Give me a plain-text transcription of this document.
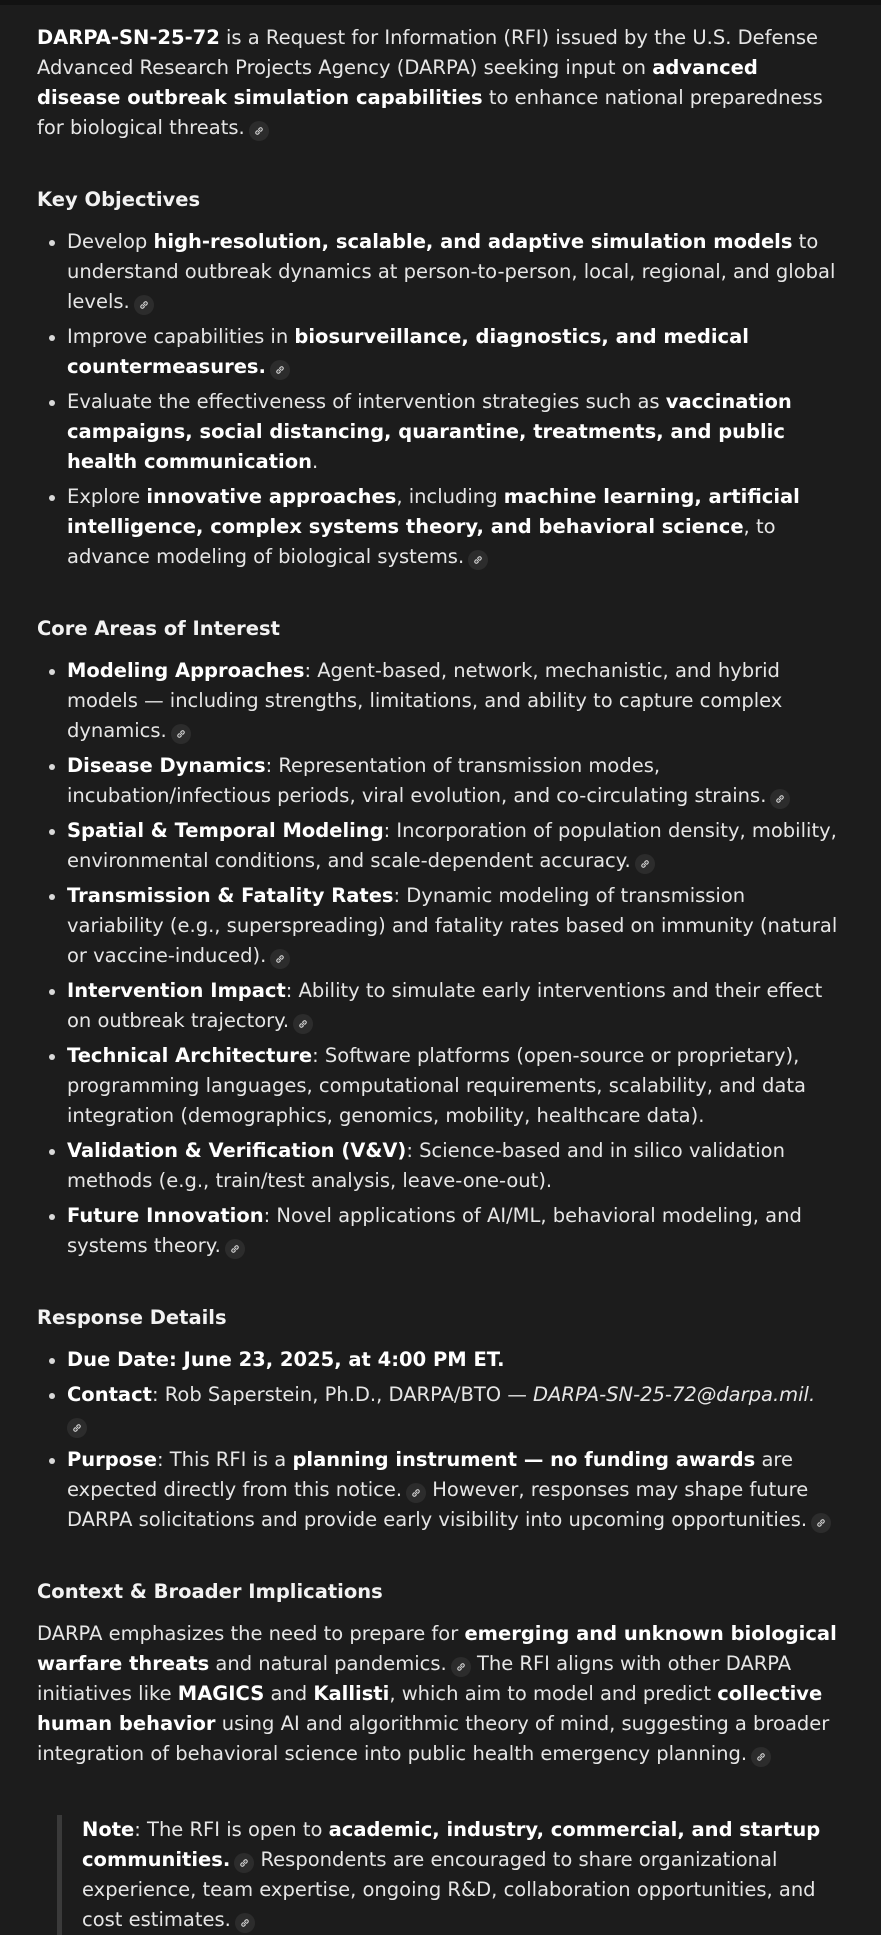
DARPA-SN-25-72 is a Request for Information (RFI) issued by the U.S. Defense Advanced Research Projects Agency (DARPA) seeking input on advanced disease outbreak simulation capabilities to enhance national preparedness for biological threats.

Key Objectives
Develop high-resolution, scalable, and adaptive simulation models to understand outbreak dynamics at person-to-person, local, regional, and global levels.
Improve capabilities in biosurveillance, diagnostics, and medical countermeasures.
Evaluate the effectiveness of intervention strategies such as vaccination campaigns, social distancing, quarantine, treatments, and public health communication.
Explore innovative approaches, including machine learning, artificial intelligence, complex systems theory, and behavioral science, to advance modeling of biological systems.
Core Areas of Interest
Modeling Approaches: Agent-based, network, mechanistic, and hybrid models — including strengths, limitations, and ability to capture complex dynamics.
Disease Dynamics: Representation of transmission modes, incubation/infectious periods, viral evolution, and co-circulating strains.
Spatial & Temporal Modeling: Incorporation of population density, mobility, environmental conditions, and scale-dependent accuracy.
Transmission & Fatality Rates: Dynamic modeling of transmission variability (e.g., superspreading) and fatality rates based on immunity (natural or vaccine-induced).
Intervention Impact: Ability to simulate early interventions and their effect on outbreak trajectory.
Technical Architecture: Software platforms (open-source or proprietary), programming languages, computational requirements, scalability, and data integration (demographics, genomics, mobility, healthcare data).
Validation & Verification (V&V): Science-based and in silico validation methods (e.g., train/test analysis, leave-one-out).
Future Innovation: Novel applications of AI/ML, behavioral modeling, and systems theory.
Response Details
Due Date: June 23, 2025, at 4:00 PM ET.
Contact: Rob Saperstein, Ph.D., DARPA/BTO — DARPA-SN-25-72@darpa.mil.

Purpose: This RFI is a planning instrument — no funding awards are expected directly from this notice.
However, responses may shape future DARPA solicitations and provide early visibility into upcoming opportunities.
Context & Broader Implications

DARPA emphasizes the need to prepare for emerging and unknown biological warfare threats and natural pandemics.
The RFI aligns with other DARPA initiatives like MAGICS and Kallisti, which aim to model and predict collective human behavior using AI and algorithmic theory of mind, suggesting a broader integration of behavioral science into public health emergency planning.

Note: The RFI is open to academic, industry, commercial, and startup communities.
Respondents are encouraged to share organizational experience, team expertise, ongoing R&D, collaboration opportunities, and cost estimates.
